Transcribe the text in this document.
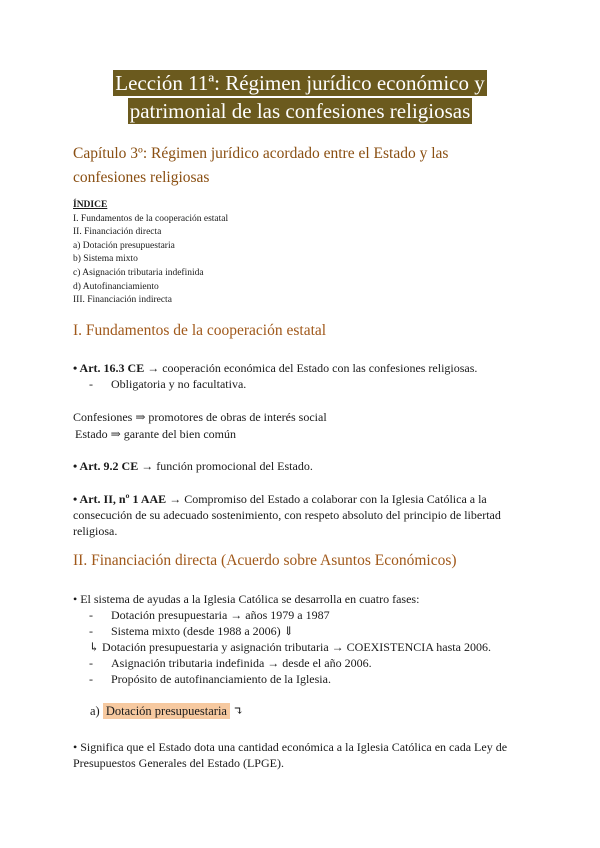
Lección 11ª: Régimen jurídico económico y
patrimonial de las confesiones religiosas
Capítulo 3º: Régimen jurídico acordado entre el Estado y las
confesiones religiosas
ÍNDICE
I. Fundamentos de la cooperación estatal
II. Financiación directa
a) Dotación presupuestaria
b) Sistema mixto
c) Asignación tributaria indefinida
d) Autofinanciamiento
III. Financiación indirecta
I. Fundamentos de la cooperación estatal
• Art. 16.3 CE → cooperación económica del Estado con las confesiones religiosas.
- Obligatoria y no facultativa.
Confesiones ⇒ promotores de obras de interés social
Estado ⇒ garante del bien común
• Art. 9.2 CE → función promocional del Estado.
• Art. II, nº 1 AAE → Compromiso del Estado a colaborar con la Iglesia Católica a la consecución de su adecuado sostenimiento, con respeto absoluto del principio de libertad religiosa.
II. Financiación directa (Acuerdo sobre Asuntos Económicos)
• El sistema de ayudas a la Iglesia Católica se desarrolla en cuatro fases:
- Dotación presupuestaria → años 1979 a 1987
- Sistema mixto (desde 1988 a 2006) ⇓
↳ Dotación presupuestaria y asignación tributaria → COEXISTENCIA hasta 2006.
- Asignación tributaria indefinida → desde el año 2006.
- Propósito de autofinanciamiento de la Iglesia.
a) Dotación presupuestaria ↴
• Significa que el Estado dota una cantidad económica a la Iglesia Católica en cada Ley de Presupuestos Generales del Estado (LPGE).
